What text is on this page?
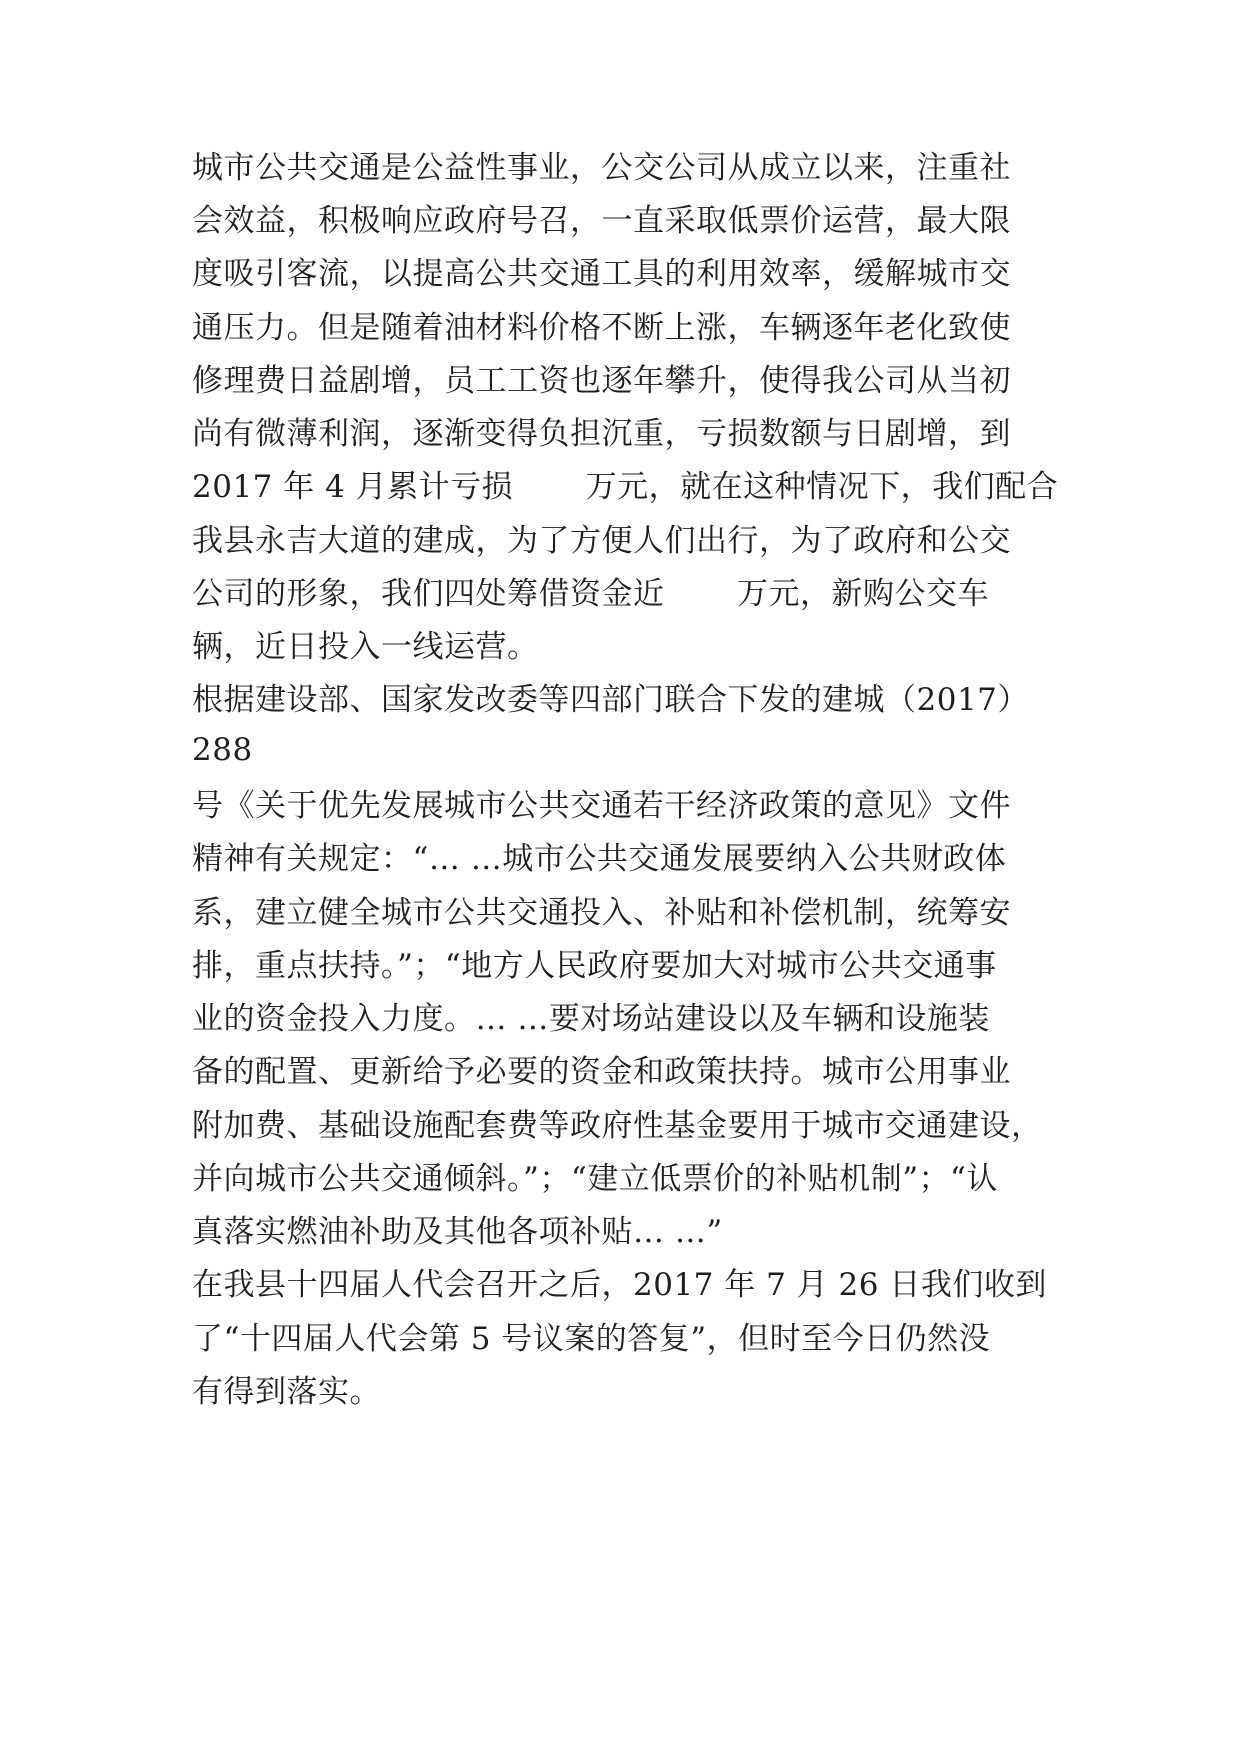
城市公共交通是公益性事业，公交公司从成立以来，注重社
会效益，积极响应政府号召，一直采取低票价运营，最大限
度吸引客流，以提高公共交通工具的利用效率，缓解城市交
通压力。但是随着油材料价格不断上涨，车辆逐年老化致使
修理费日益剧增，员工工资也逐年攀升，使得我公司从当初
尚有微薄利润，逐渐变得负担沉重，亏损数额与日剧增，到
2017 年 4 月累计亏损       万元，就在这种情况下，我们配合
我县永吉大道的建成，为了方便人们出行，为了政府和公交
公司的形象，我们四处筹借资金近       万元，新购公交车
辆，近日投入一线运营。
根据建设部、国家发改委等四部门联合下发的建城（2017）
288
号《关于优先发展城市公共交通若干经济政策的意见》文件
精神有关规定：“… …城市公共交通发展要纳入公共财政体
系，建立健全城市公共交通投入、补贴和补偿机制，统筹安
排，重点扶持。”；“地方人民政府要加大对城市公共交通事
业的资金投入力度。… …要对场站建设以及车辆和设施装
备的配置、更新给予必要的资金和政策扶持。城市公用事业
附加费、基础设施配套费等政府性基金要用于城市交通建设，
并向城市公共交通倾斜。”；“建立低票价的补贴机制”；“认
真落实燃油补助及其他各项补贴… …”
在我县十四届人代会召开之后，2017 年 7 月 26 日我们收到
了“十四届人代会第 5 号议案的答复”，但时至今日仍然没
有得到落实。
